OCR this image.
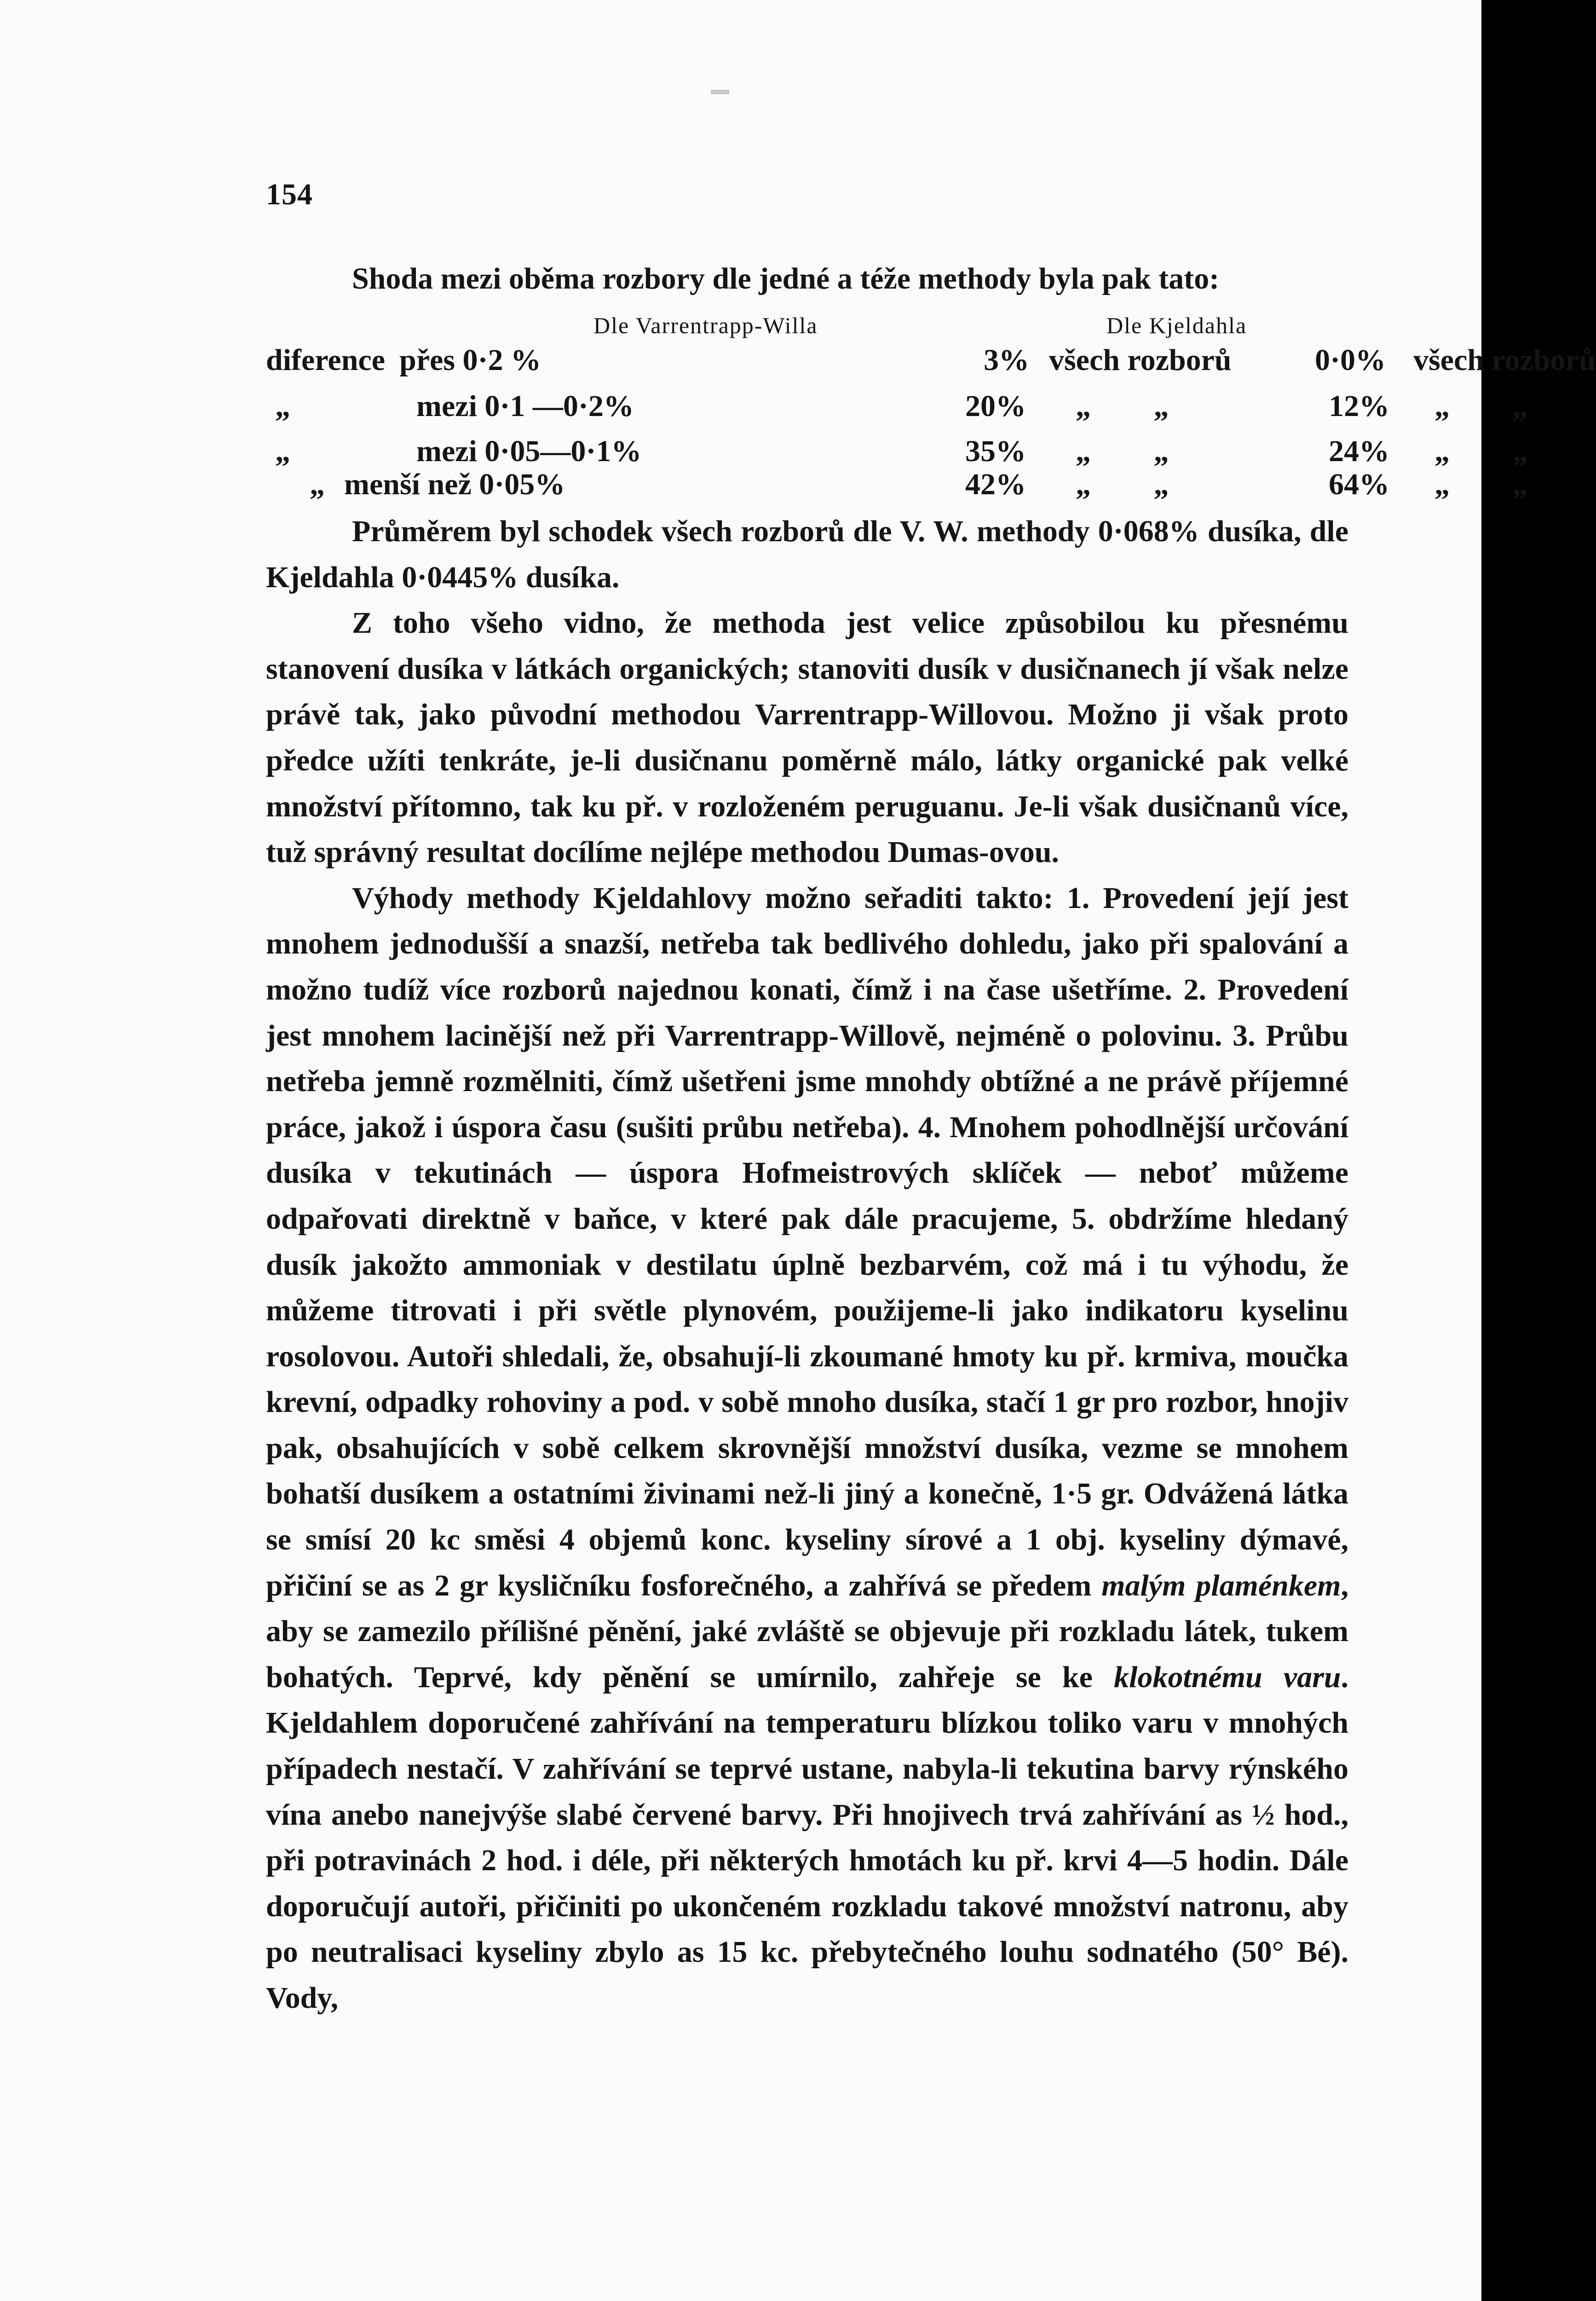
154
Shoda mezi oběma rozbory dle jedné a téže methody byla pak tato:
Dle Varrentrapp-Willa	Dle Kjeldahla
diference přes 0·2 %	3% všech rozborů	0·0% všech rozborů
„	mezi 0·1 —0·2%	20% „ „	12% „ „
„	mezi 0·05—0·1%	35% „ „	24% „ „
„ menší než 0·05%	42% „ „	64% „ „

Průměrem byl schodek všech rozborů dle V. W. methody 0·068% dusíka, dle Kjeldahla 0·0445% dusíka.

Z toho všeho vidno, že methoda jest velice způsobilou ku přesnému stanovení dusíka v látkách organických; stanoviti dusík v dusičnanech jí však nelze právě tak, jako původní methodou Varrentrapp-Willovou. Možno ji však proto předce užíti tenkráte, je-li dusičnanu poměrně málo, látky organické pak velké množství přítomno, tak ku př. v rozloženém peruguanu. Je-li však dusičnanů více, tuž správný resultat docílíme nejlépe methodou Dumas-ovou.

Výhody methody Kjeldahlovy možno seřaditi takto: 1. Provedení její jest mnohem jednodušší a snazší, netřeba tak bedlivého dohledu, jako při spalování a možno tudíž více rozborů najednou konati, čímž i na čase ušetříme. 2. Provedení jest mnohem lacinější než při Varrentrapp-Willově, nejméně o polovinu. 3. Průbu netřeba jemně rozmělniti, čímž ušetřeni jsme mnohdy obtížné a ne právě příjemné práce, jakož i úspora času (sušiti průbu netřeba). 4. Mnohem pohodlnější určování dusíka v tekutinách — úspora Hofmeistrových sklíček — neboť můžeme odpařovati direktně v baňce, v které pak dále pracujeme, 5. obdržíme hledaný dusík jakožto ammoniak v destilatu úplně bezbarvém, což má i tu výhodu, že můžeme titrovati i při světle plynovém, použijeme-li jako indikatoru kyselinu rosolovou. Autoři shledali, že, obsahují-li zkoumané hmoty ku př. krmiva, moučka krevní, odpadky rohoviny a pod. v sobě mnoho dusíka, stačí 1 gr pro rozbor, hnojiv pak, obsahujících v sobě celkem skrovnější množství dusíka, vezme se mnohem bohatší dusíkem a ostatními živinami než-li jiný a konečně, 1·5 gr. Odvážená látka se smísí 20 kc směsi 4 objemů konc. kyseliny sírové a 1 obj. kyseliny dýmavé, přičiní se as 2 gr kysličníku fosforečného, a zahřívá se předem malým plaménkem, aby se zamezilo přílišné pěnění, jaké zvláště se objevuje při rozkladu látek, tukem bohatých. Teprvé, kdy pěnění se umírnilo, zahřeje se ke klokotnému varu. Kjeldahlem doporučené zahřívání na temperaturu blízkou toliko varu v mnohých případech nestačí. V zahřívání se teprvé ustane, nabyla-li tekutina barvy rýnského vína anebo nanejvýše slabé červené barvy. Při hnojivech trvá zahřívání as ½ hod., při potravinách 2 hod. i déle, při některých hmotách ku př. krvi 4—5 hodin. Dále doporučují autoři, přičiniti po ukončeném rozkladu takové množství natronu, aby po neutralisaci kyseliny zbylo as 15 kc. přebytečného louhu sodnatého (50° Bé). Vody,
